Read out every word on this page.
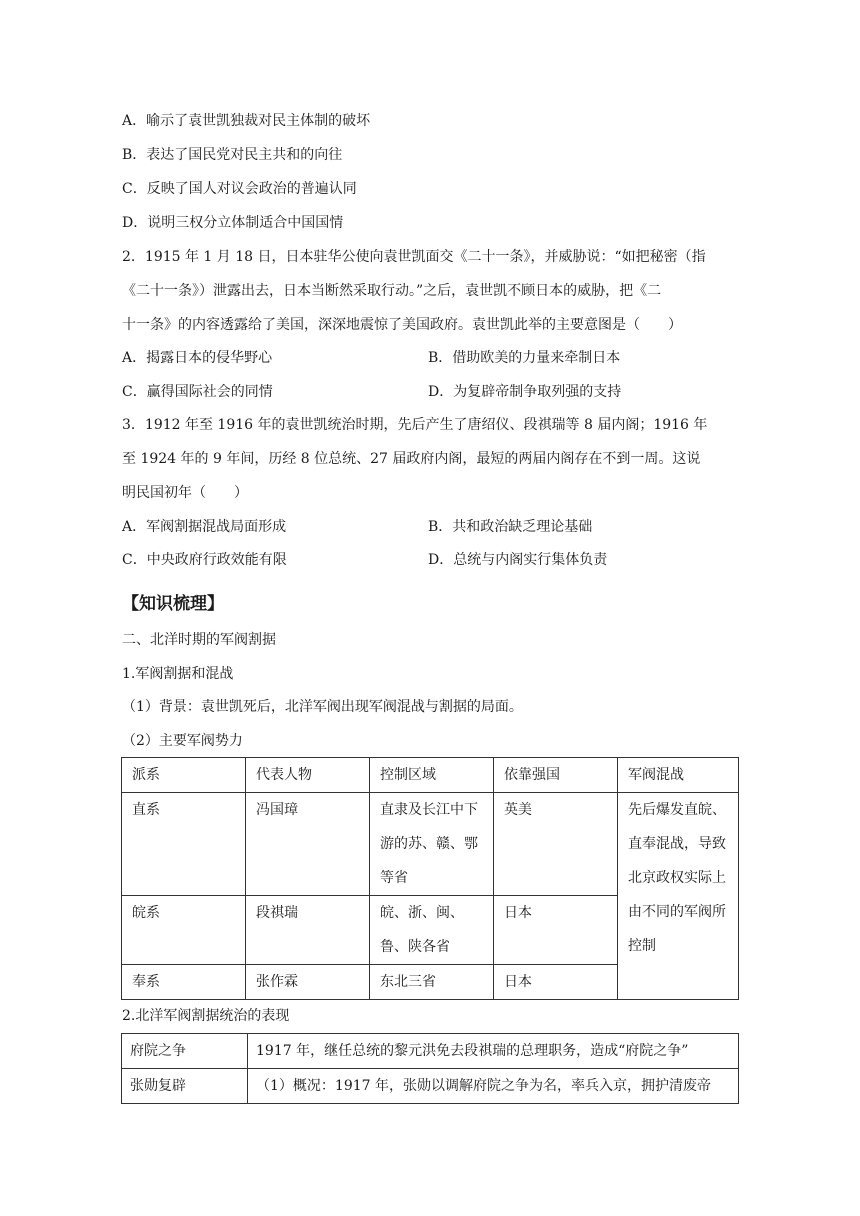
A．喻示了袁世凯独裁对民主体制的破坏
B．表达了国民党对民主共和的向往
C．反映了国人对议会政治的普遍认同
D．说明三权分立体制适合中国国情
2．1915 年 1 月 18 日，日本驻华公使向袁世凯面交《二十一条》，并威胁说：“如把秘密（指
《二十一条》）泄露出去，日本当断然采取行动。”之后，袁世凯不顾日本的威胁，把《二
十一条》的内容透露给了美国，深深地震惊了美国政府。袁世凯此举的主要意图是（　　）
A．揭露日本的侵华野心	B．借助欧美的力量来牵制日本
C．赢得国际社会的同情	D．为复辟帝制争取列强的支持
3．1912 年至 1916 年的袁世凯统治时期，先后产生了唐绍仪、段祺瑞等 8 届内阁；1916 年
至 1924 年的 9 年间，历经 8 位总统、27 届政府内阁，最短的两届内阁存在不到一周。这说
明民国初年（　　）
A．军阀割据混战局面形成	B．共和政治缺乏理论基础
C．中央政府行政效能有限	D．总统与内阁实行集体负责
【知识梳理】
二、北洋时期的军阀割据
1.军阀割据和混战
（1）背景：袁世凯死后，北洋军阀出现军阀混战与割据的局面。
（2）主要军阀势力
派系	代表人物	控制区域	依靠强国	军阀混战
直系	冯国璋	直隶及长江中下游的苏、赣、鄂等省	英美	先后爆发直皖、直奉混战，导致北京政权实际上由不同的军阀所控制
皖系	段祺瑞	皖、浙、闽、鲁、陕各省	日本	
奉系	张作霖	东北三省	日本	
2.北洋军阀割据统治的表现
府院之争	1917 年，继任总统的黎元洪免去段祺瑞的总理职务，造成“府院之争”
张勋复辟	（1）概况：1917 年，张勋以调解府院之争为名，率兵入京，拥护清废帝
